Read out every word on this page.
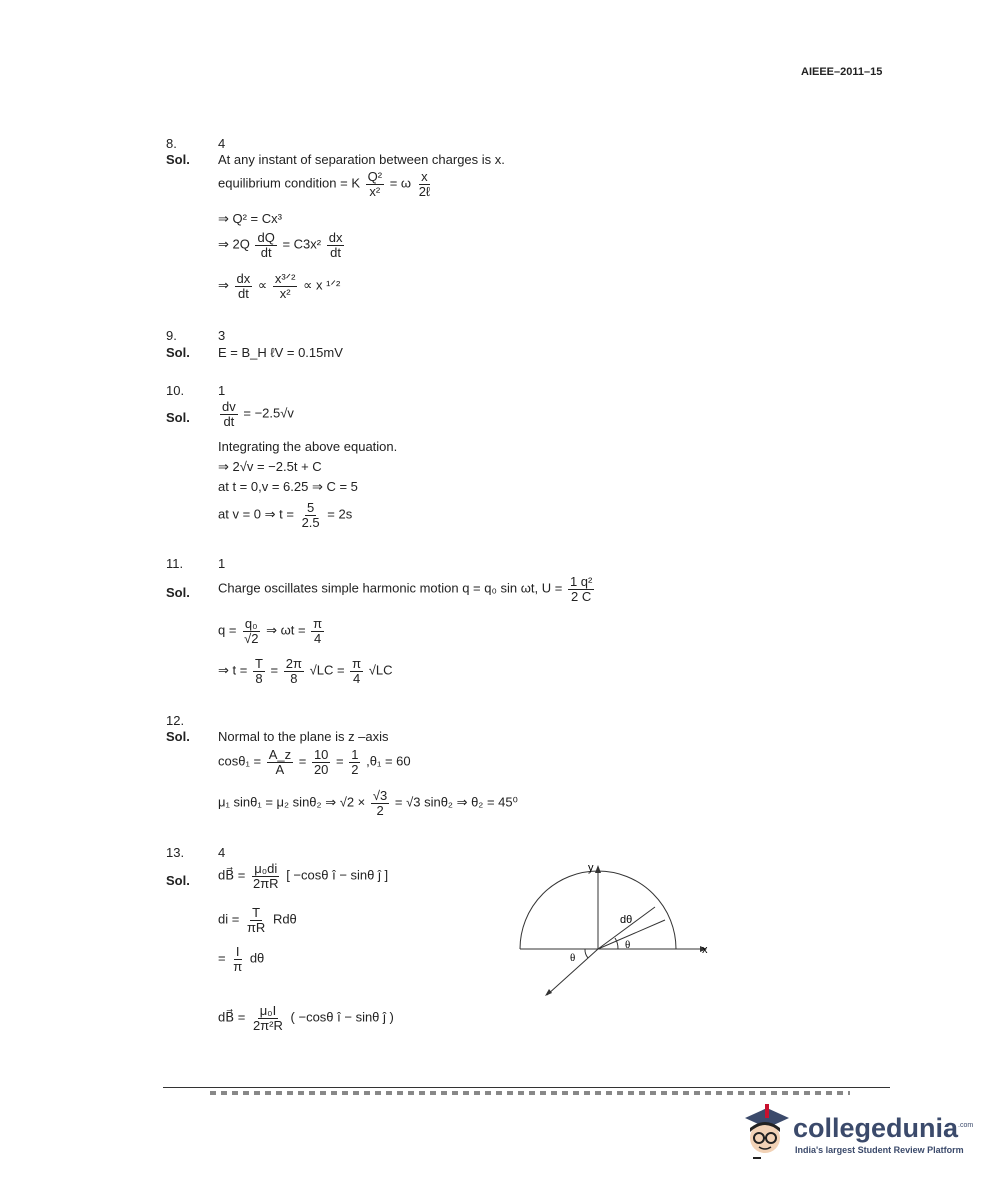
AIEEE–2011–15
8.	4
Sol. At any instant of separation between charges is x.
equilibrium condition = K $\frac{\text{Q²}}{\text{x²}} = \omega \frac{x}{\text{2ℓ}}$
⇒ Q² = Cx³
⇒ $2Q \frac{dQ}{dt} = C3x^2 \frac{dx}{dt}$
⇒ $\frac{dx}{dt} \propto \frac{\text{x³ᐟ²}}{\text{x²}} \propto x$ ¹ᐟ²
9.	3
Sol. E = B_H ℓV = 0.15mV
10.	1
Sol. $\frac{dv}{dt} = -2.5√v$
Integrating the above equation.
⇒ 2√v = −2.5t + C
at t = 0,v = 6.25 ⇒ C = 5
at v = 0 ⇒ $t = \frac{5}{2.5} = 2s$
11.	1
Sol. Charge oscillates simple harmonic motion q = q₀ sin ωt, $U = \frac{\text{1 q²}}{2 C}$
$q = \frac{\text{q₀}}{√2}$ ⇒ $\omega t = \frac{\pi}{4}$
⇒ $t = \frac{T}{8} = \frac{2\pi}{8} √LC = \frac{\pi}{4} √LC$
12.
Sol. Normal to the plane is z –axis
$\cos\theta_1 = \frac{A\_z}{A} = \frac{10}{20} = \frac{1}{2} ,\theta_1 = 60$
μ₁ sinθ₁ = μ₂ sinθ₂ ⇒ $√2 \times \frac{√3}{2} = √3$ sinθ₂ ⇒ θ₂ = 45⁰
13.	4
Sol. dB⃗ = $\frac{\text{μ₀di}}{2\pi R}$ [ −cosθ î − sinθ ĵ ]
di = $\frac{T}{\pi R}$ Rdθ
= $\frac{I}{\pi}$ dθ
dB⃗ = $\frac{\text{μ₀I}}{\text{2π²R}}$ ( −cosθ î − sinθ ĵ )
y
x
dθ
θ
θ
collegedunia$^{.com}$
India's largest Student Review Platform
